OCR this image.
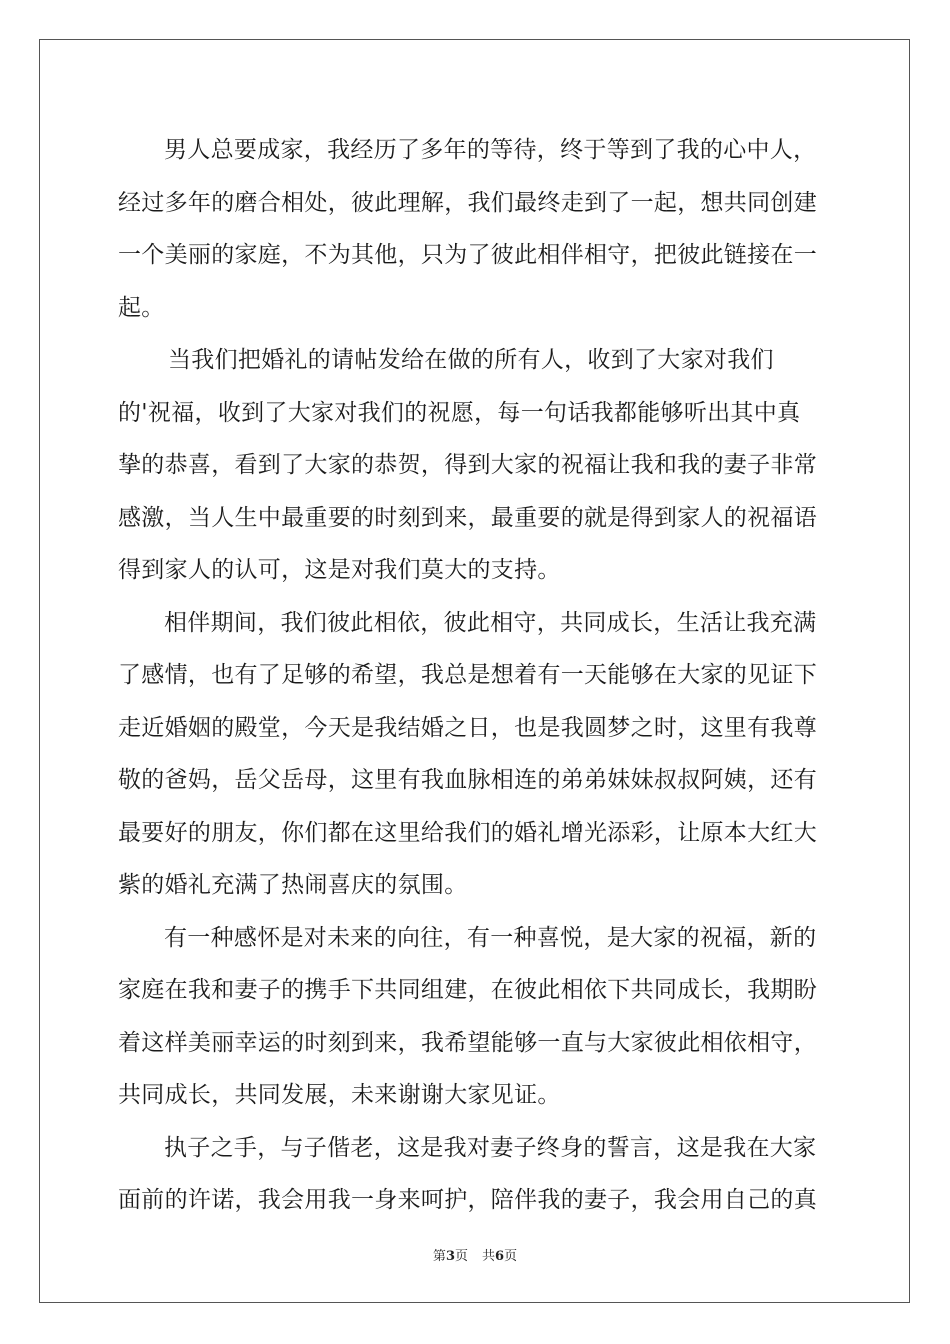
男人总要成家，我经历了多年的等待，终于等到了我的心中人，
经过多年的磨合相处，彼此理解，我们最终走到了一起，想共同创建
一个美丽的家庭，不为其他，只为了彼此相伴相守，把彼此链接在一
起。

当我们把婚礼的请帖发给在做的所有人，收到了大家对我们
的'祝福，收到了大家对我们的祝愿，每一句话我都能够听出其中真
挚的恭喜，看到了大家的恭贺，得到大家的祝福让我和我的妻子非常
感激，当人生中最重要的时刻到来，最重要的就是得到家人的祝福语
得到家人的认可，这是对我们莫大的支持。

相伴期间，我们彼此相依，彼此相守，共同成长，生活让我充满
了感情，也有了足够的希望，我总是想着有一天能够在大家的见证下
走近婚姻的殿堂，今天是我结婚之日，也是我圆梦之时，这里有我尊
敬的爸妈，岳父岳母，这里有我血脉相连的弟弟妹妹叔叔阿姨，还有
最要好的朋友，你们都在这里给我们的婚礼增光添彩，让原本大红大
紫的婚礼充满了热闹喜庆的氛围。

有一种感怀是对未来的向往，有一种喜悦，是大家的祝福，新的
家庭在我和妻子的携手下共同组建，在彼此相依下共同成长，我期盼
着这样美丽幸运的时刻到来，我希望能够一直与大家彼此相依相守，
共同成长，共同发展，未来谢谢大家见证。

执子之手，与子偕老，这是我对妻子终身的誓言，这是我在大家
面前的许诺，我会用我一身来呵护，陪伴我的妻子，我会用自己的真

第3页 共6页
